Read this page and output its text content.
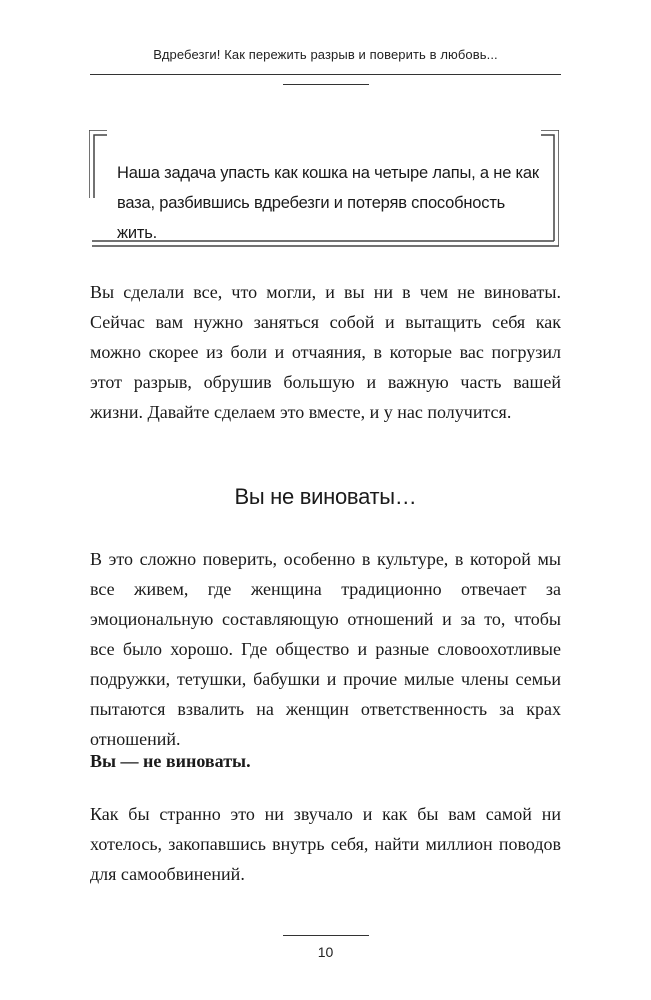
Вдребезги! Как пережить разрыв и поверить в любовь...
Наша задача упасть как кошка на четыре лапы, а не как
ваза, разбившись вдребезги и потеряв способность жить.
Вы сделали все, что могли, и вы ни в чем не виноваты. Сейчас вам нужно заняться собой и вытащить себя как можно скорее из боли и отчаяния, в которые вас погрузил этот разрыв, обрушив большую и важную часть вашей жизни. Давайте сделаем это вместе, и у нас получится.
Вы не виноваты…
В это сложно поверить, особенно в культуре, в которой мы все живем, где женщина традиционно отвечает за эмоциональную составляющую отношений и за то, чтобы все было хорошо. Где общество и разные словоохотливые подружки, тетушки, бабушки и прочие милые члены семьи пытаются взвалить на женщин ответственность за крах отношений.
Вы — не виноваты.
Как бы странно это ни звучало и как бы вам самой ни хотелось, закопавшись внутрь себя, найти миллион поводов для самообвинений.
10
